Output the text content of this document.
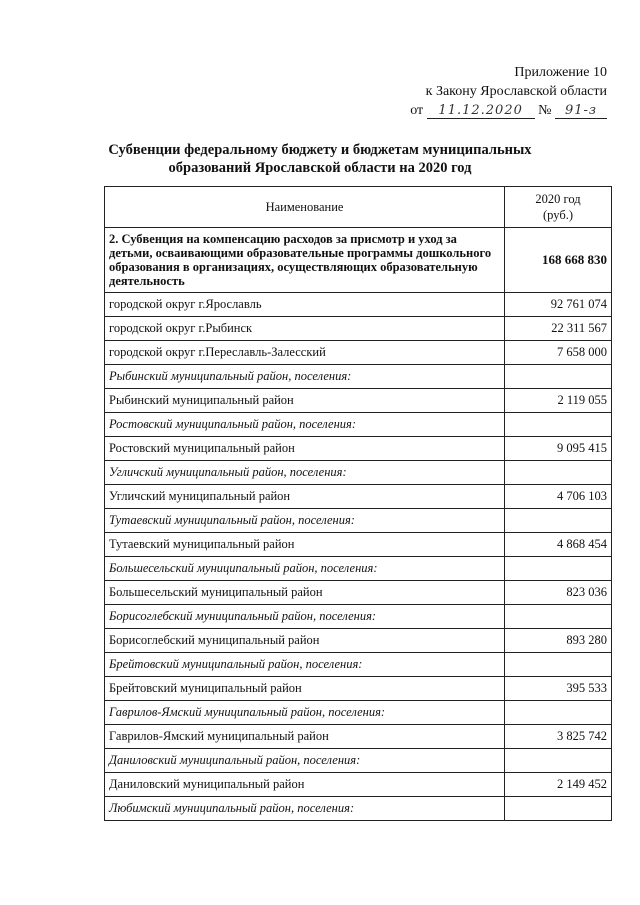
Приложение 10
к Закону Ярославской области
от 11.12.2020 № 91-з
Субвенции федеральному бюджету и бюджетам муниципальных
образований Ярославской области на 2020 год
Наименование	2020 год
(руб.)
2. Субвенция на компенсацию расходов за присмотр и уход за детьми, осваивающими образовательные программы дошкольного образования в организациях, осуществляющих образовательную деятельность	168 668 830
городской округ г.Ярославль	92 761 074
городской округ г.Рыбинск	22 311 567
городской округ г.Переславль-Залесский	7 658 000
Рыбинский муниципальный район, поселения:	
Рыбинский муниципальный район	2 119 055
Ростовский муниципальный район, поселения:	
Ростовский муниципальный район	9 095 415
Угличский муниципальный район, поселения:	
Угличский муниципальный район	4 706 103
Тутаевский муниципальный район, поселения:	
Тутаевский муниципальный район	4 868 454
Большесельский муниципальный район, поселения:	
Большесельский муниципальный район	823 036
Борисоглебский муниципальный район, поселения:	
Борисоглебский муниципальный район	893 280
Брейтовский муниципальный район, поселения:	
Брейтовский муниципальный район	395 533
Гаврилов-Ямский муниципальный район, поселения:	
Гаврилов-Ямский муниципальный район	3 825 742
Даниловский муниципальный район, поселения:	
Даниловский муниципальный район	2 149 452
Любимский муниципальный район, поселения:	
